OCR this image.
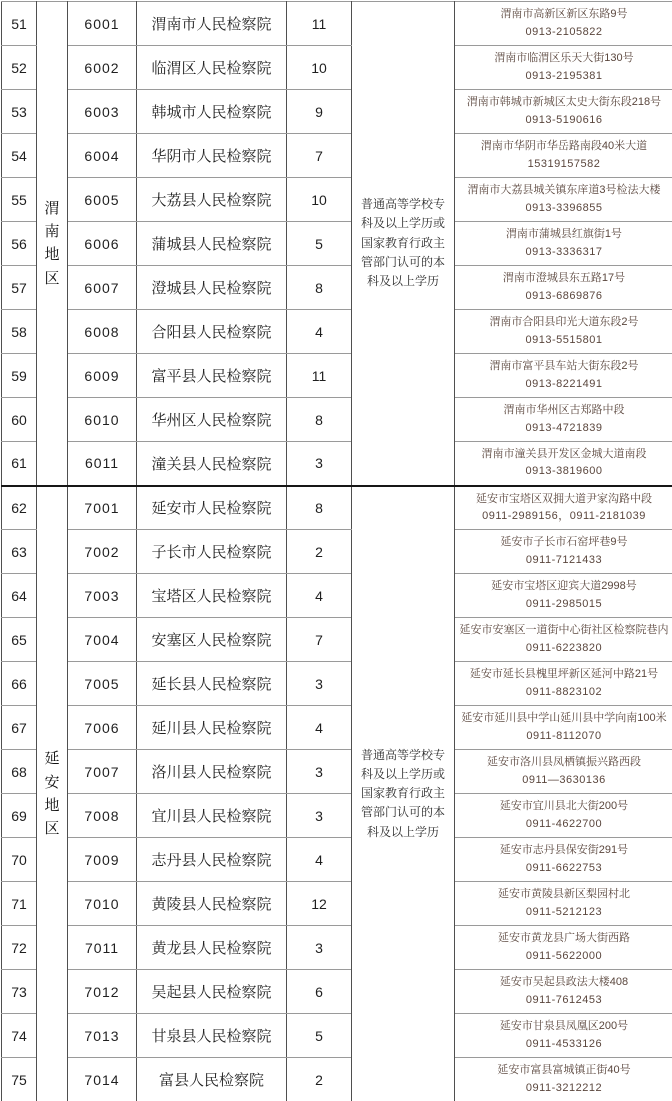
51	渭南地区	6001	渭南市人民检察院	11	普通高等学校专科及以上学历或国家教育行政主管部门认可的本科及以上学历	渭南市高新区新区东路9号
0913-2105822

52		6002	临渭区人民检察院	10		渭南市临渭区乐天大街130号
0913-2195381

53		6003	韩城市人民检察院	9		渭南市韩城市新城区太史大街东段218号
0913-5190616

54		6004	华阴市人民检察院	7		渭南市华阴市华岳路南段40米大道
15319157582

55		6005	大荔县人民检察院	10		渭南市大荔县城关镇东庠道3号检法大楼
0913-3396855

56		6006	蒲城县人民检察院	5		渭南市蒲城县红旗街1号
0913-3336317

57		6007	澄城县人民检察院	8		渭南市澄城县东五路17号
0913-6869876

58		6008	合阳县人民检察院	4		渭南市合阳县印光大道东段2号
0913-5515801

59		6009	富平县人民检察院	11		渭南市富平县车站大街东段2号
0913-8221491

60		6010	华州区人民检察院	8		渭南市华州区古郑路中段
0913-4721839

61		6011	潼关县人民检察院	3		渭南市潼关县开发区金城大道南段
0913-3819600

62	延安地区	7001	延安市人民检察院	8	普通高等学校专科及以上学历或国家教育行政主管部门认可的本科及以上学历	延安市宝塔区双拥大道尹家沟路中段
0911-2989156，0911-2181039

63		7002	子长市人民检察院	2		延安市子长市石窑坪巷9号
0911-7121433

64		7003	宝塔区人民检察院	4		延安市宝塔区迎宾大道2998号
0911-2985015

65		7004	安塞区人民检察院	7		延安市安塞区一道街中心街社区检察院巷内
0911-6223820

66		7005	延长县人民检察院	3		延安市延长县槐里坪新区延河中路21号
0911-8823102

67		7006	延川县人民检察院	4		延安市延川县中学山延川县中学向南100米
0911-8112070

68		7007	洛川县人民检察院	3		延安市洛川县凤栖镇振兴路西段
0911—3630136

69		7008	宜川县人民检察院	3		延安市宜川县北大街200号
0911-4622700

70		7009	志丹县人民检察院	4		延安市志丹县保安街291号
0911-6622753

71		7010	黄陵县人民检察院	12		延安市黄陵县新区梨园村北
0911-5212123

72		7011	黄龙县人民检察院	3		延安市黄龙县广场大街西路
0911-5622000

73		7012	吴起县人民检察院	6		延安市吴起县政法大楼408
0911-7612453

74		7013	甘泉县人民检察院	5		延安市甘泉县凤凰区200号
0911-4533126

75		7014	富县人民检察院	2		延安市富县富城镇正街40号
0911-3212212
